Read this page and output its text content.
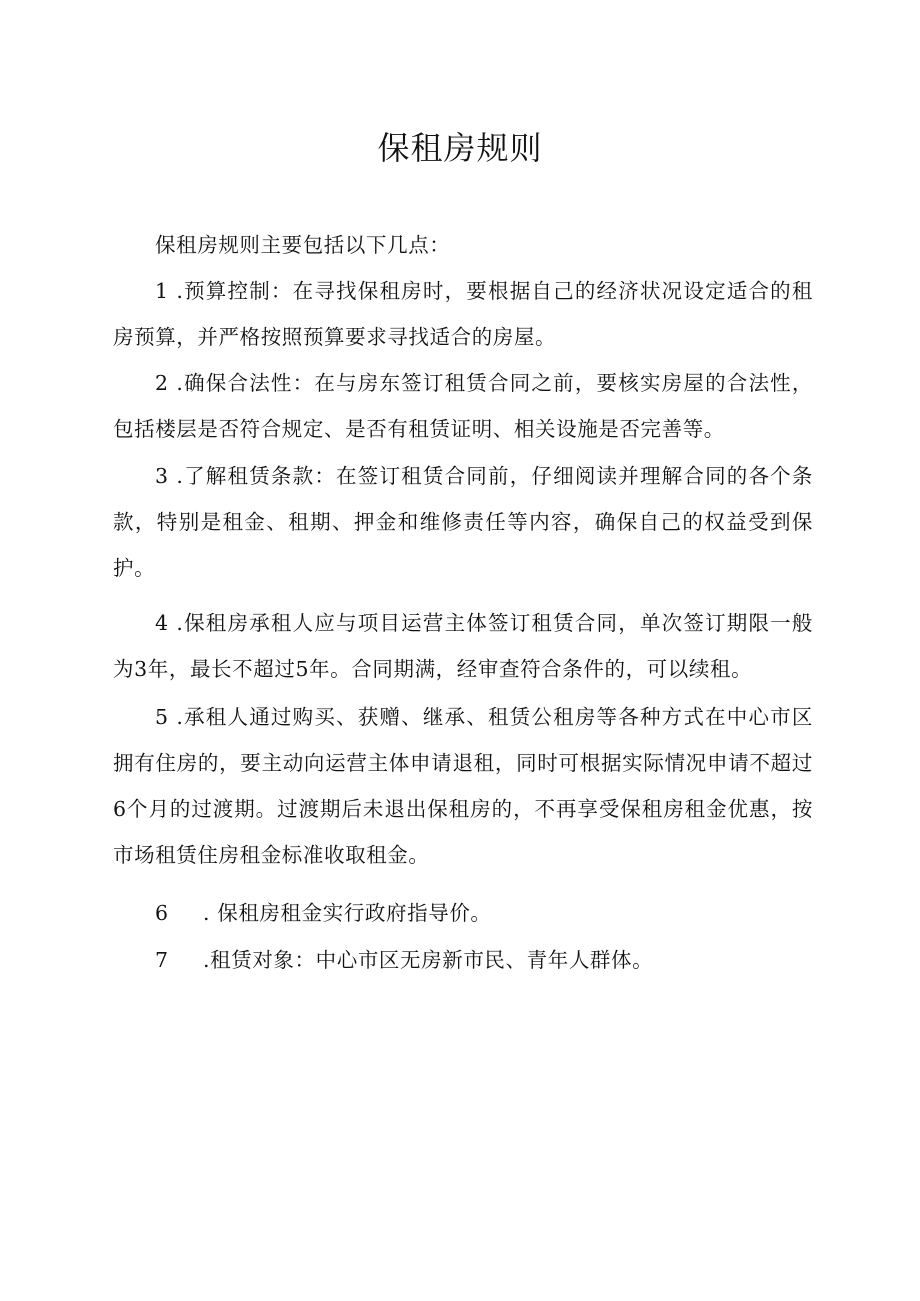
保租房规则
保租房规则主要包括以下几点：
1 .预算控制：在寻找保租房时，要根据自己的经济状况设定适合的租房预算，并严格按照预算要求寻找适合的房屋。
2 .确保合法性：在与房东签订租赁合同之前，要核实房屋的合法性，包括楼层是否符合规定、是否有租赁证明、相关设施是否完善等。
3 .了解租赁条款：在签订租赁合同前，仔细阅读并理解合同的各个条款，特别是租金、租期、押金和维修责任等内容，确保自己的权益受到保护。
4 .保租房承租人应与项目运营主体签订租赁合同，单次签订期限一般为3年，最长不超过5年。合同期满，经审查符合条件的，可以续租。
5 .承租人通过购买、获赠、继承、租赁公租房等各种方式在中心市区拥有住房的，要主动向运营主体申请退租，同时可根据实际情况申请不超过6个月的过渡期。过渡期后未退出保租房的，不再享受保租房租金优惠，按市场租赁住房租金标准收取租金。
6 . 保租房租金实行政府指导价。
7 .租赁对象：中心市区无房新市民、青年人群体。
